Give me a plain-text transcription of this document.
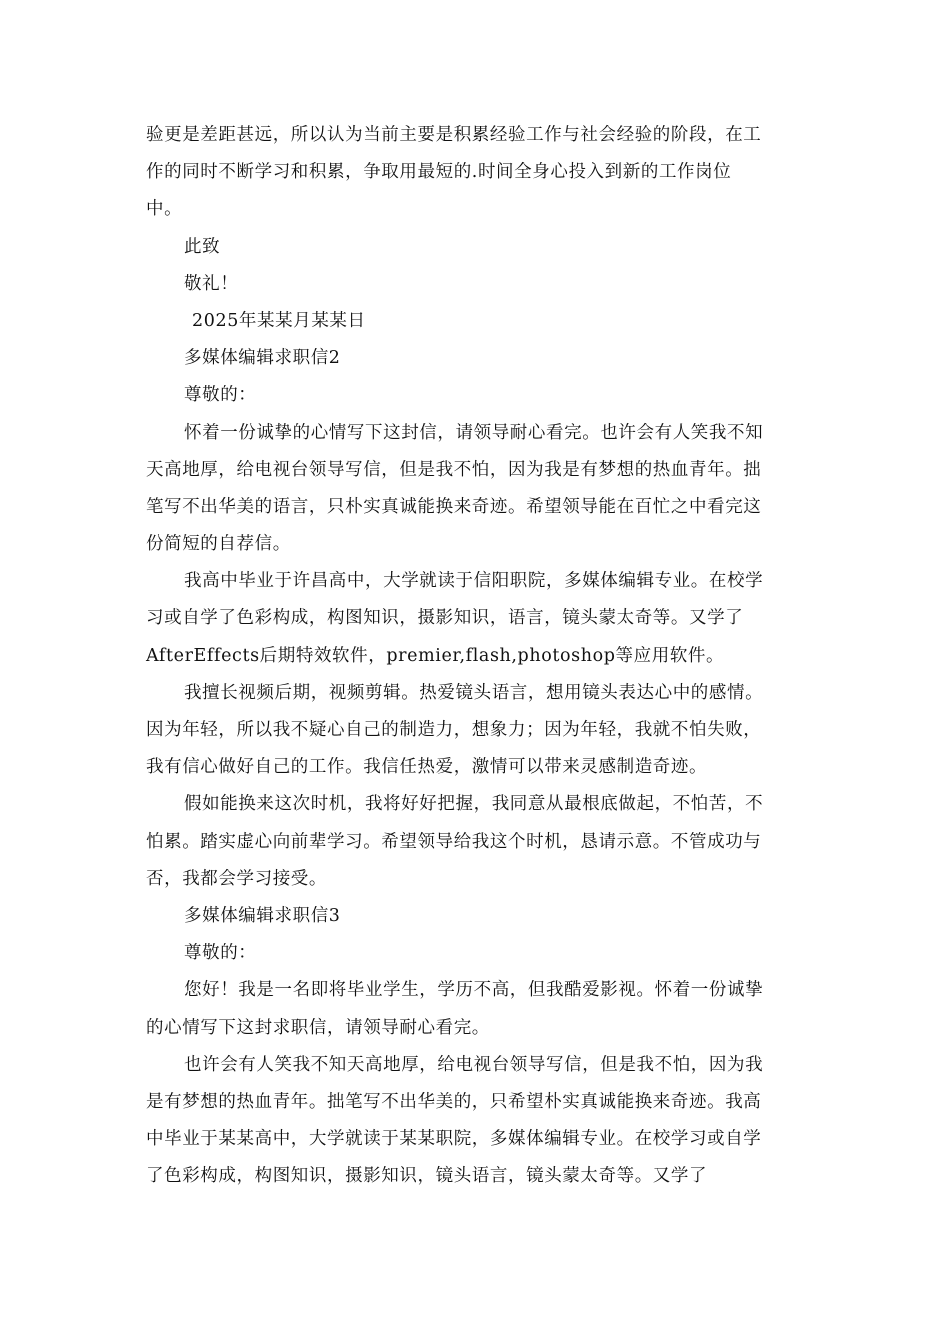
验更是差距甚远，所以认为当前主要是积累经验工作与社会经验的阶段，在工
作的同时不断学习和积累，争取用最短的.时间全身心投入到新的工作岗位
中。
此致
敬礼！
2025年某某月某某日
多媒体编辑求职信2
尊敬的：
怀着一份诚挚的心情写下这封信，请领导耐心看完。也许会有人笑我不知
天高地厚，给电视台领导写信，但是我不怕，因为我是有梦想的热血青年。拙
笔写不出华美的语言，只朴实真诚能换来奇迹。希望领导能在百忙之中看完这
份简短的自荐信。
我高中毕业于许昌高中，大学就读于信阳职院，多媒体编辑专业。在校学
习或自学了色彩构成，构图知识，摄影知识，语言，镜头蒙太奇等。又学了
AfterEffects后期特效软件，premier,flash,photoshop等应用软件。
我擅长视频后期，视频剪辑。热爱镜头语言，想用镜头表达心中的感情。
因为年轻，所以我不疑心自己的制造力，想象力；因为年轻，我就不怕失败，
我有信心做好自己的工作。我信任热爱，激情可以带来灵感制造奇迹。
假如能换来这次时机，我将好好把握，我同意从最根底做起，不怕苦，不
怕累。踏实虚心向前辈学习。希望领导给我这个时机，恳请示意。不管成功与
否，我都会学习接受。
多媒体编辑求职信3
尊敬的：
您好！我是一名即将毕业学生，学历不高，但我酷爱影视。怀着一份诚挚
的心情写下这封求职信，请领导耐心看完。
也许会有人笑我不知天高地厚，给电视台领导写信，但是我不怕，因为我
是有梦想的热血青年。拙笔写不出华美的，只希望朴实真诚能换来奇迹。我高
中毕业于某某高中，大学就读于某某职院，多媒体编辑专业。在校学习或自学
了色彩构成，构图知识，摄影知识，镜头语言，镜头蒙太奇等。又学了
